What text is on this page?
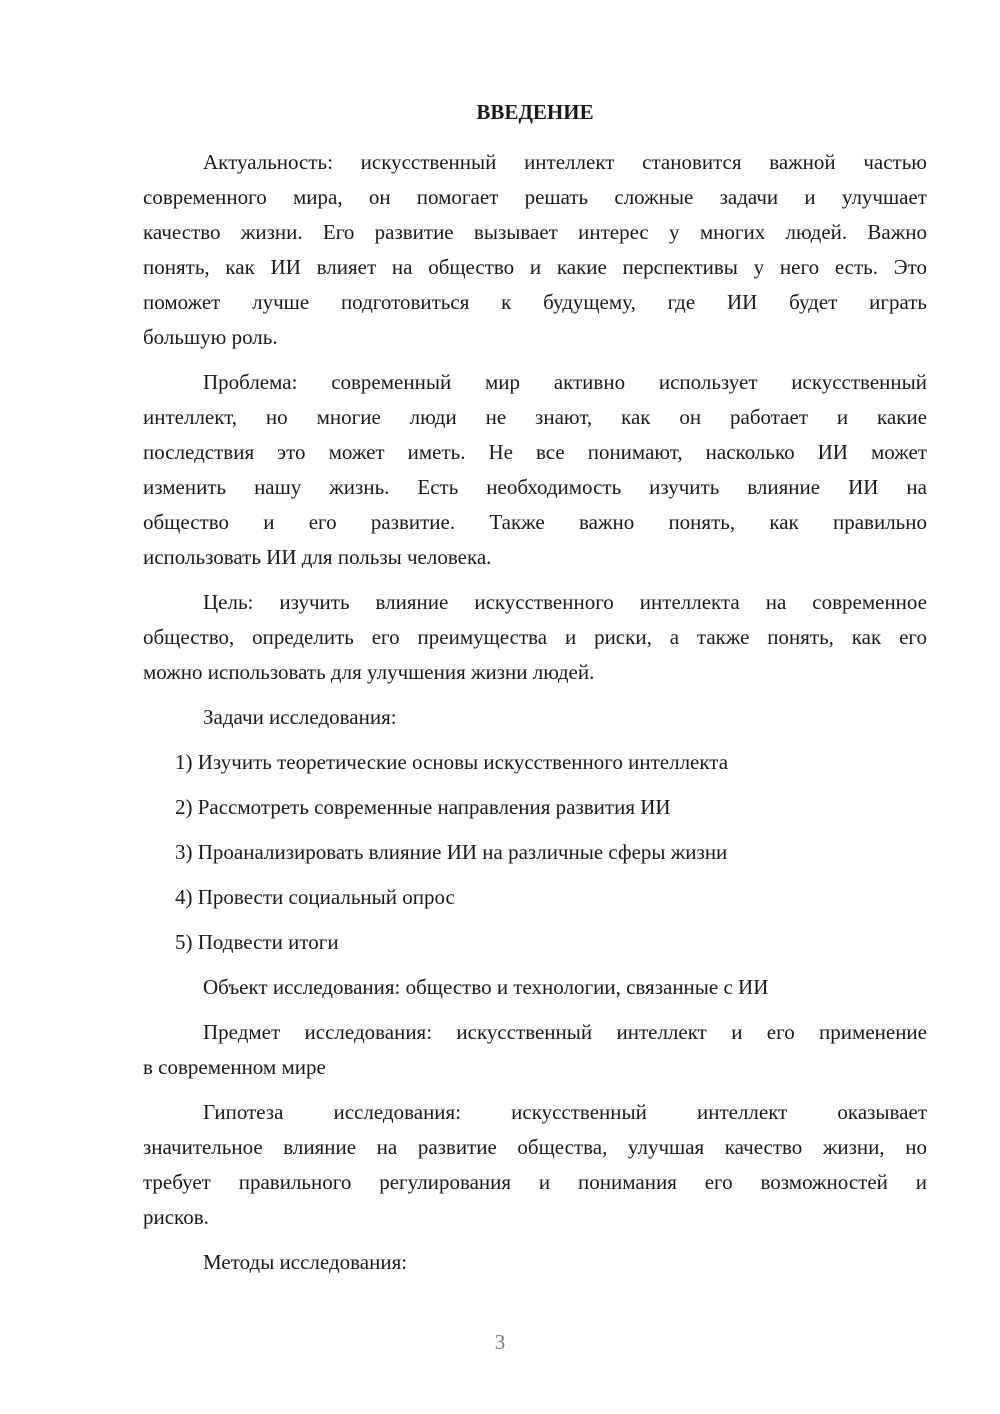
ВВЕДЕНИЕ
Актуальность: искусственный интеллект становится важной частью
современного мира, он помогает решать сложные задачи и улучшает
качество жизни. Его развитие вызывает интерес у многих людей. Важно
понять, как ИИ влияет на общество и какие перспективы у него есть. Это
поможет лучше подготовиться к будущему, где ИИ будет играть
большую роль.
Проблема: современный мир активно использует искусственный
интеллект, но многие люди не знают, как он работает и какие
последствия это может иметь. Не все понимают, насколько ИИ может
изменить нашу жизнь. Есть необходимость изучить влияние ИИ на
общество и его развитие. Также важно понять, как правильно
использовать ИИ для пользы человека.
Цель: изучить влияние искусственного интеллекта на современное
общество, определить его преимущества и риски, а также понять, как его
можно использовать для улучшения жизни людей.
Задачи исследования:
1) Изучить теоретические основы искусственного интеллекта
2) Рассмотреть современные направления развития ИИ
3) Проанализировать влияние ИИ на различные сферы жизни
4) Провести социальный опрос
5) Подвести итоги
Объект исследования: общество и технологии, связанные с ИИ
Предмет исследования: искусственный интеллект и его применение
в современном мире
Гипотеза исследования: искусственный интеллект оказывает
значительное влияние на развитие общества, улучшая качество жизни, но
требует правильного регулирования и понимания его возможностей и
рисков.
Методы исследования:
3
